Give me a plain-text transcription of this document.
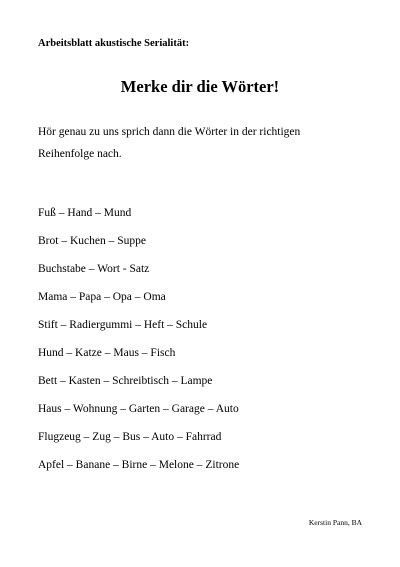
Arbeitsblatt akustische Serialität:
Merke dir die Wörter!
Hör genau zu uns sprich dann die Wörter in der richtigen
Reihenfolge nach.
Fuß – Hand – Mund
Brot – Kuchen – Suppe
Buchstabe – Wort - Satz
Mama – Papa – Opa – Oma
Stift – Radiergummi – Heft – Schule
Hund – Katze – Maus – Fisch
Bett – Kasten – Schreibtisch – Lampe
Haus – Wohnung – Garten – Garage – Auto
Flugzeug – Zug – Bus – Auto – Fahrrad
Apfel – Banane – Birne – Melone – Zitrone
Kerstin Pann, BA
